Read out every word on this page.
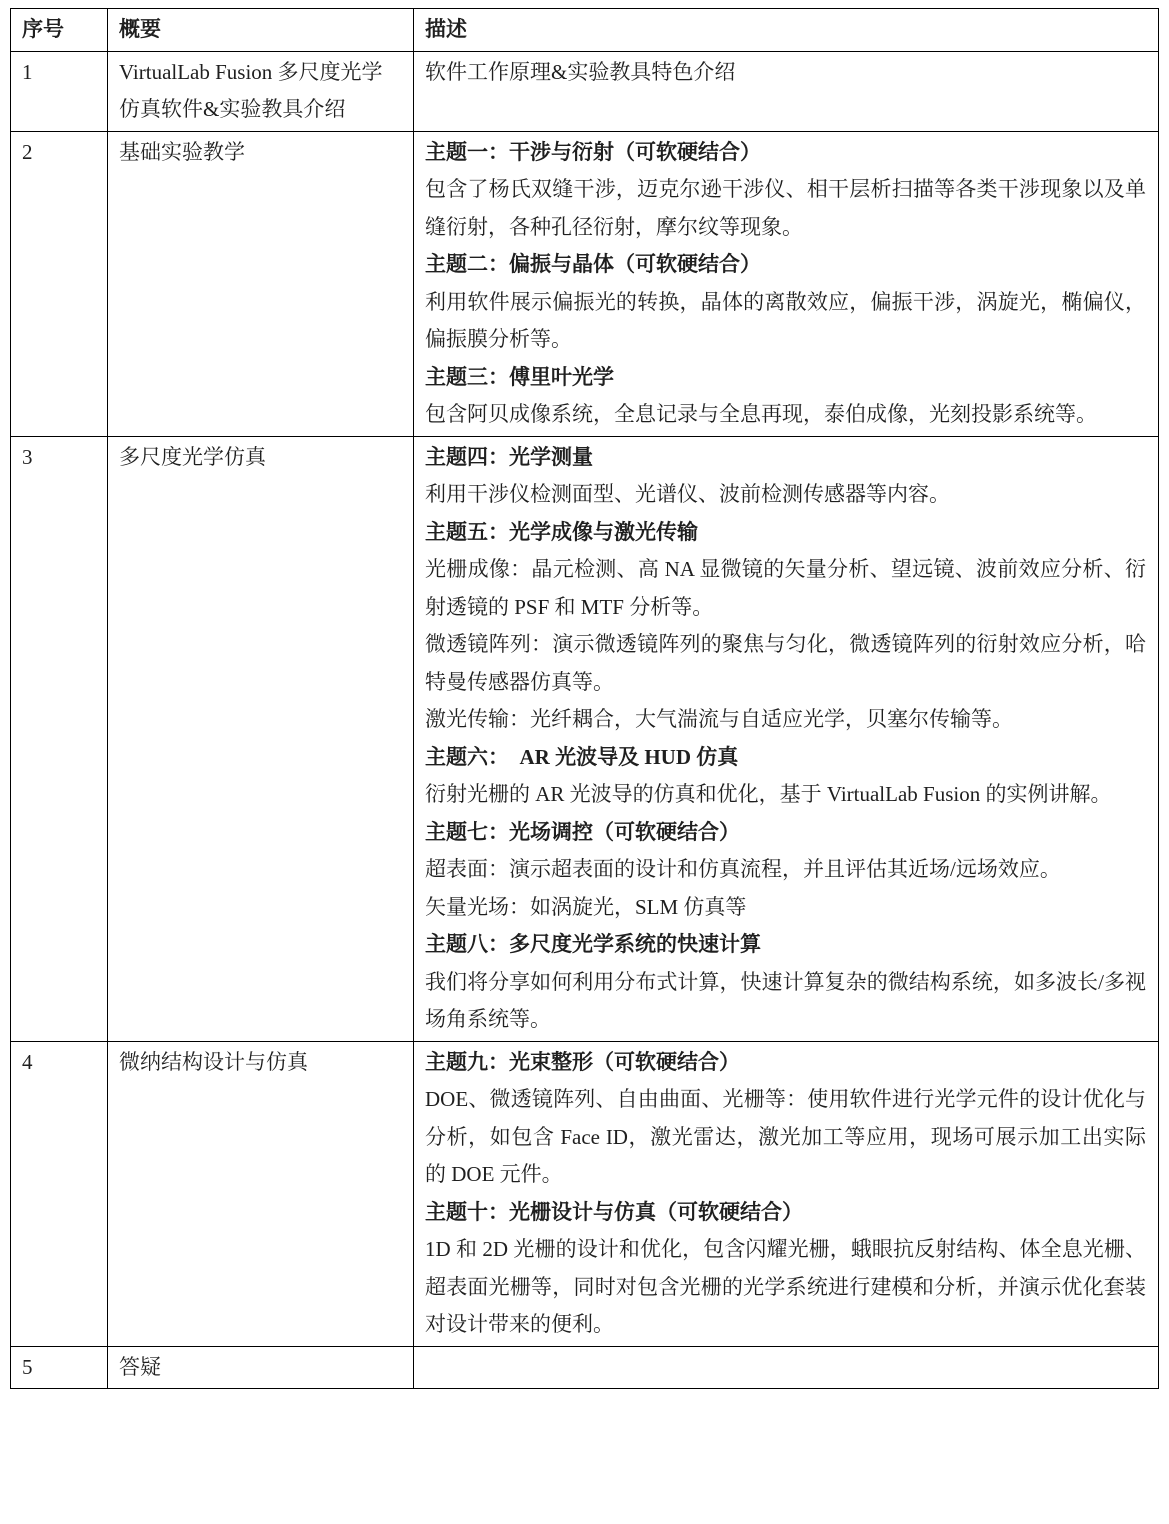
序号	概要	描述
1	VirtualLab Fusion 多尺度光学仿真软件&实验教具介绍	软件工作原理&实验教具特色介绍

2	基础实验教学	主题一：干涉与衍射（可软硬结合）
包含了杨氏双缝干涉，迈克尔逊干涉仪、相干层析扫描等各类干涉现象以及单缝衍射，各种孔径衍射，摩尔纹等现象。
主题二：偏振与晶体（可软硬结合）
利用软件展示偏振光的转换，晶体的离散效应，偏振干涉，涡旋光，椭偏仪，偏振膜分析等。
主题三：傅里叶光学
包含阿贝成像系统，全息记录与全息再现，泰伯成像，光刻投影系统等。

3	多尺度光学仿真	主题四：光学测量
利用干涉仪检测面型、光谱仪、波前检测传感器等内容。
主题五：光学成像与激光传输
光栅成像：晶元检测、高 NA 显微镜的矢量分析、望远镜、波前效应分析、衍射透镜的 PSF 和 MTF 分析等。
微透镜阵列：演示微透镜阵列的聚焦与匀化，微透镜阵列的衍射效应分析，哈特曼传感器仿真等。
激光传输：光纤耦合，大气湍流与自适应光学，贝塞尔传输等。
主题六：　AR 光波导及 HUD 仿真
衍射光栅的 AR 光波导的仿真和优化，基于 VirtualLab Fusion 的实例讲解。
主题七：光场调控（可软硬结合）
超表面：演示超表面的设计和仿真流程，并且评估其近场/远场效应。
矢量光场：如涡旋光，SLM 仿真等
主题八：多尺度光学系统的快速计算
我们将分享如何利用分布式计算，快速计算复杂的微结构系统，如多波长/多视场角系统等。

4	微纳结构设计与仿真	主题九：光束整形（可软硬结合）
DOE、微透镜阵列、自由曲面、光栅等：使用软件进行光学元件的设计优化与分析，如包含 Face ID，激光雷达，激光加工等应用，现场可展示加工出实际的 DOE 元件。
主题十：光栅设计与仿真（可软硬结合）
1D 和 2D 光栅的设计和优化，包含闪耀光栅，蛾眼抗反射结构、体全息光栅、超表面光栅等，同时对包含光栅的光学系统进行建模和分析，并演示优化套装对设计带来的便利。

5	答疑	
